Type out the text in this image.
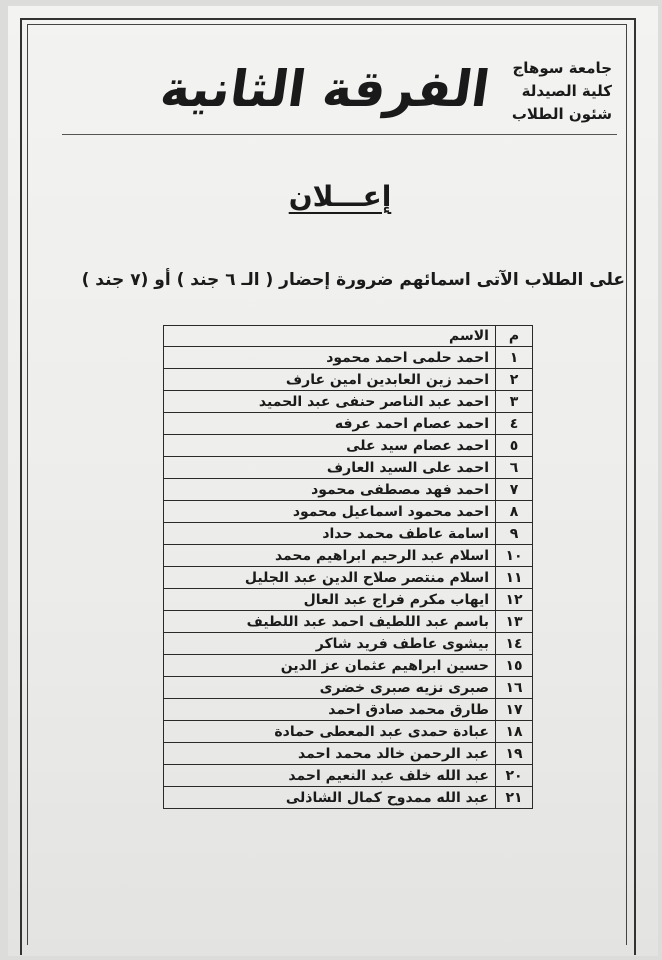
جامعة سوهاج
كلية الصيدلة
شئون الطلاب
الفرقة الثانية
إعـــلان
على الطلاب الآتى اسمائهم ضرورة إحضار ( الـ ٦ جند ) أو (٧ جند )
م	الاسم
١	احمد حلمى احمد محمود
٢	احمد زين العابدين امين عارف
٣	احمد عبد الناصر حنفى عبد الحميد
٤	احمد عصام احمد عرفه
٥	احمد عصام سيد على
٦	احمد على السيد العارف
٧	احمد فهد مصطفى محمود
٨	احمد محمود اسماعيل محمود
٩	اسامة عاطف محمد حداد
١٠	اسلام عبد الرحيم ابراهيم محمد
١١	اسلام منتصر صلاح الدين عبد الجليل
١٢	ايهاب مكرم فراج عبد العال
١٣	باسم عبد اللطيف احمد عبد اللطيف
١٤	بيشوى عاطف فريد شاكر
١٥	حسين ابراهيم عثمان عز الدين
١٦	صبرى نزيه صبرى خضرى
١٧	طارق محمد صادق احمد
١٨	عبادة حمدى عبد المعطى حمادة
١٩	عبد الرحمن خالد محمد احمد
٢٠	عبد الله خلف عبد النعيم احمد
٢١	عبد الله ممدوح كمال الشاذلى
